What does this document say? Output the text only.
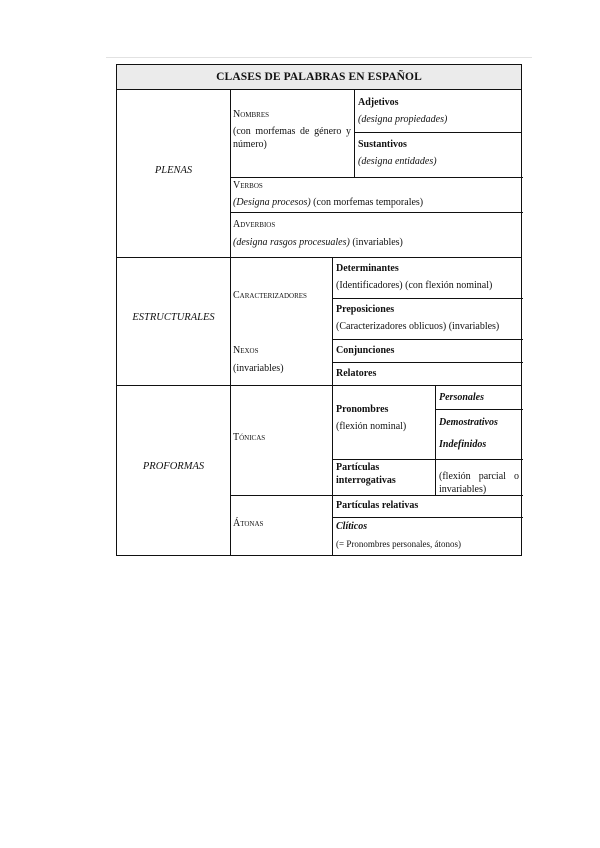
CLASES DE PALABRAS EN ESPAÑOL
PLENAS
Nombres
(con morfemas de género y número)
Adjetivos
(designa propiedades)
Sustantivos
(designa entidades)
Verbos
(Designa procesos) (con morfemas temporales)
Adverbios
(designa rasgos procesuales) (invariables)
ESTRUCTURALES
Caracterizadores
Nexos
(invariables)
Determinantes
(Identificadores) (con flexión nominal)
Preposiciones
(Caracterizadores oblicuos) (invariables)
Conjunciones
Relatores
PROFORMAS
Tónicas
Átonas
Pronombres
(flexión nominal)
Personales
Demostrativos
Indefinidos
Partículas interrogativas	(flexión parcial o invariables)
Partículas relativas
Clíticos
(= Pronombres personales, átonos)
